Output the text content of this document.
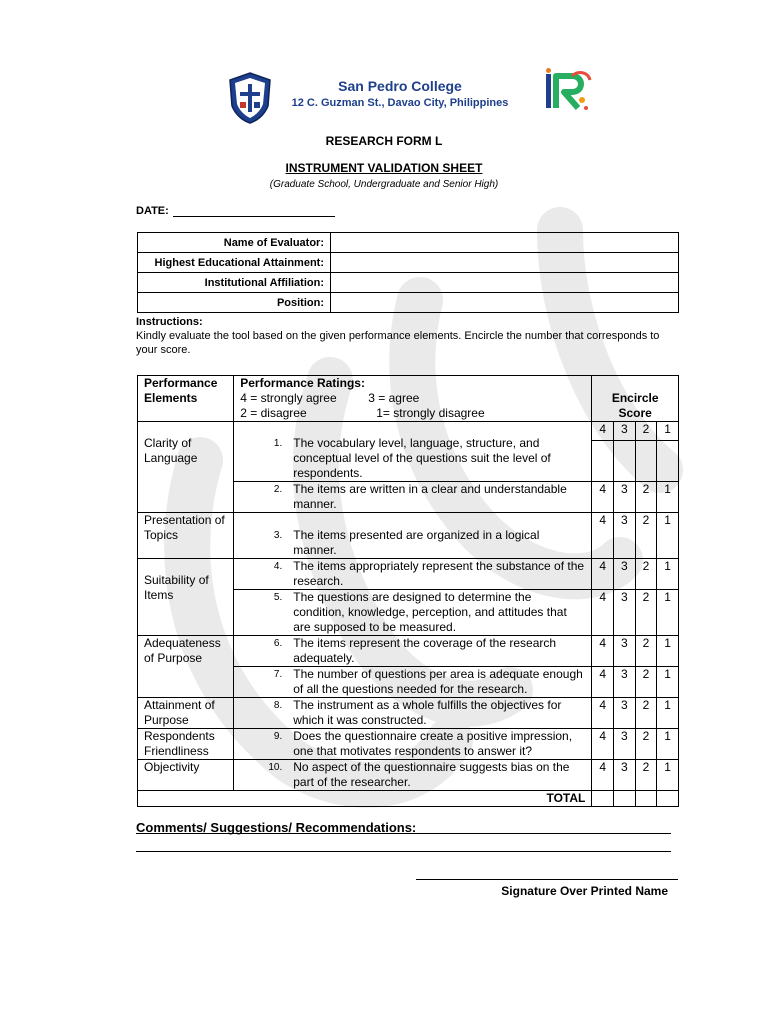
San Pedro College
12 C. Guzman St., Davao City, Philippines
RESEARCH FORM L
INSTRUMENT VALIDATION SHEET
(Graduate School, Undergraduate and Senior High)
DATE:
Name of Evaluator:	
Highest Educational Attainment:	
Institutional Affiliation:	
Position:	
Instructions:
Kindly evaluate the tool based on the given performance elements. Encircle the number that corresponds to your score.
Performance Elements	Performance Ratings:
4 = strongly agree 3 = agree
2 = disagree 1= strongly disagree	Encircle Score			

Clarity of Language	1. The vocabulary level, language, structure, and conceptual level of the questions suit the level of respondents.	4	3	2	1

	2. The items are written in a clear and understandable manner.	4	3	2	1

Presentation of Topics	3. The items presented are organized in a logical manner.	4	3	2	1

Suitability of Items	4. The items appropriately represent the substance of the research.	4	3	2	1

	5. The questions are designed to determine the condition, knowledge, perception, and attitudes that are supposed to be measured.	4	3	2	1

Adequateness of Purpose	6. The items represent the coverage of the research adequately.	4	3	2	1

	7. The number of questions per area is adequate enough of all the questions needed for the research.	4	3	2	1

Attainment of Purpose	8. The instrument as a whole fulfills the objectives for which it was constructed.	4	3	2	1

Respondents Friendliness	9. Does the questionnaire create a positive impression, one that motivates respondents to answer it?	4	3	2	1

Objectivity	10. No aspect of the questionnaire suggests bias on the part of the researcher.	4	3	2	1
TOTAL					
Comments/ Suggestions/ Recommendations:
Signature Over Printed Name
